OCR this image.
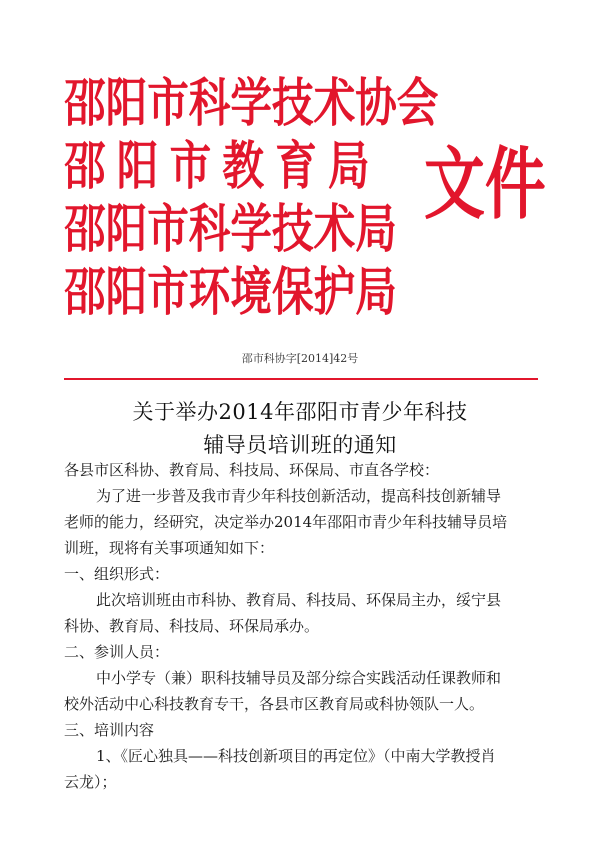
邵阳市科学技术协会
邵阳市教育局
邵阳市科学技术局
邵阳市环境保护局
文件
邵市科协字[2014]42号
关于举办2014年邵阳市青少年科技
辅导员培训班的通知
各县市区科协、教育局、科技局、环保局、市直各学校：
为了进一步普及我市青少年科技创新活动，提高科技创新辅导
老师的能力，经研究，决定举办2014年邵阳市青少年科技辅导员培
训班，现将有关事项通知如下：
一、组织形式：
此次培训班由市科协、教育局、科技局、环保局主办，绥宁县
科协、教育局、科技局、环保局承办。
二、参训人员：
中小学专（兼）职科技辅导员及部分综合实践活动任课教师和
校外活动中心科技教育专干，各县市区教育局或科协领队一人。
三、培训内容
1、《匠心独具——科技创新项目的再定位》（中南大学教授肖
云龙）；
